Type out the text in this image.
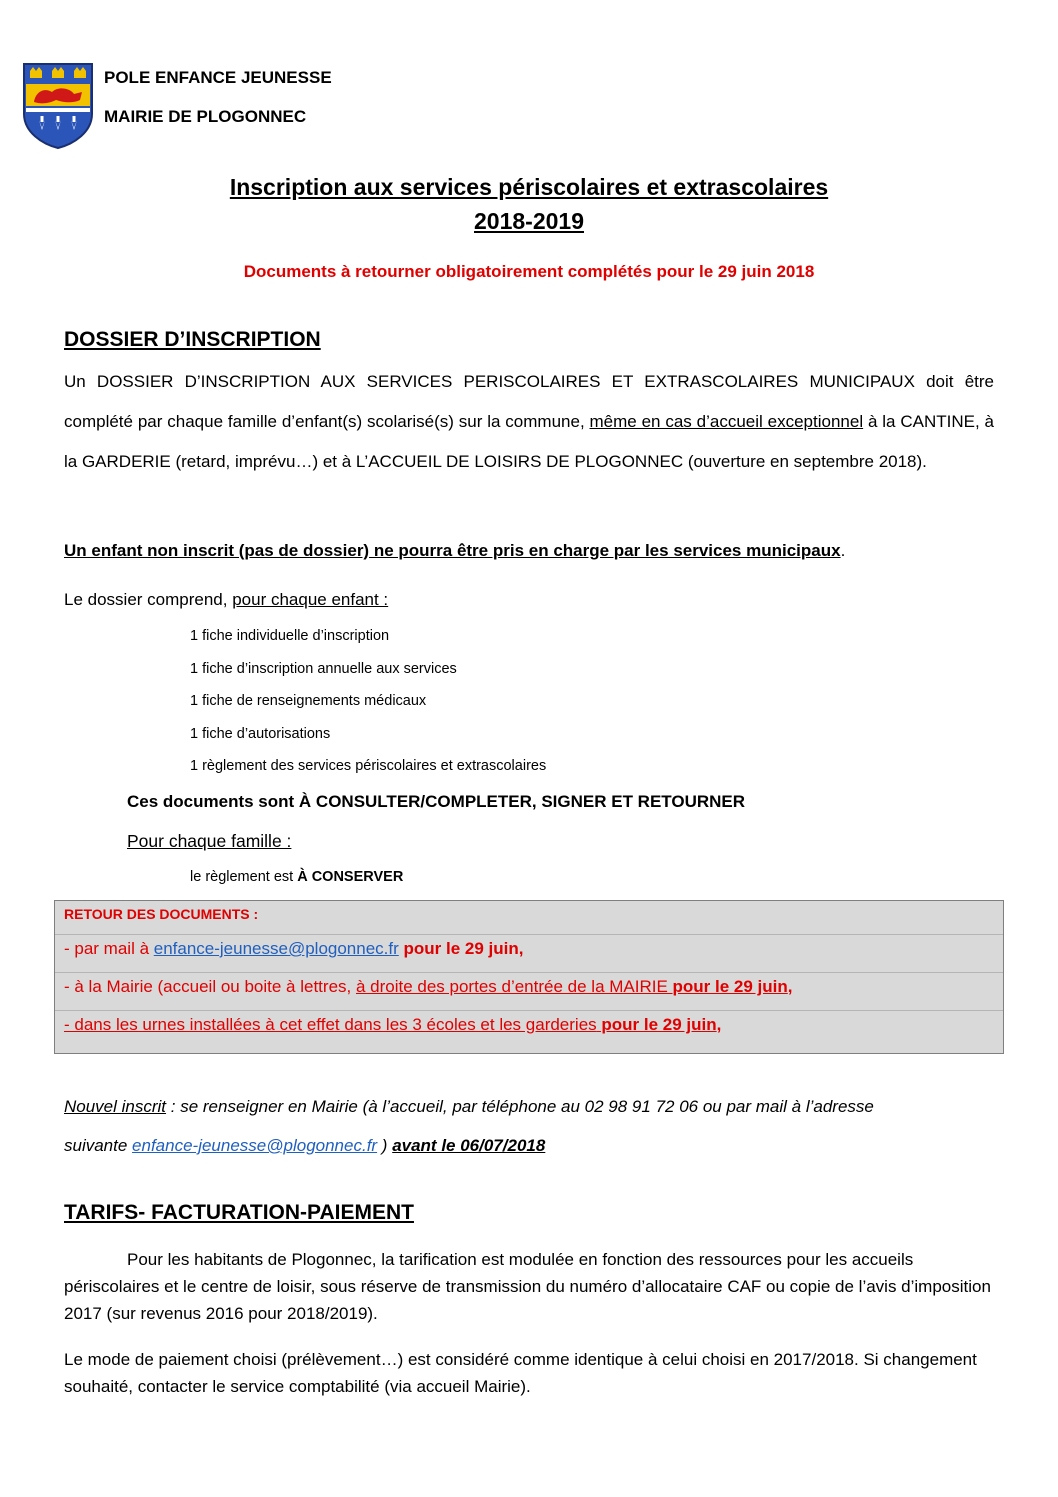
POLE ENFANCE JEUNESSE
MAIRIE DE PLOGONNEC
Inscription aux services périscolaires et extrascolaires
2018-2019
Documents à retourner obligatoirement complétés pour le 29 juin 2018
DOSSIER D’INSCRIPTION
Un DOSSIER D’INSCRIPTION AUX SERVICES PERISCOLAIRES ET EXTRASCOLAIRES MUNICIPAUX doit être complété par chaque famille d’enfant(s) scolarisé(s) sur la commune, même en cas d’accueil exceptionnel à la CANTINE, à la GARDERIE (retard, imprévu…) et à L’ACCUEIL DE LOISIRS DE PLOGONNEC (ouverture en septembre 2018).
Un enfant non inscrit (pas de dossier) ne pourra être pris en charge par les services municipaux.
Le dossier comprend, pour chaque enfant :
1 fiche individuelle d’inscription
1 fiche d’inscription annuelle aux services
1 fiche de renseignements médicaux
1 fiche d’autorisations
1 règlement des services périscolaires et extrascolaires
Ces documents sont À CONSULTER/COMPLETER, SIGNER ET RETOURNER
Pour chaque famille :
le règlement est À CONSERVER
RETOUR DES DOCUMENTS :
- par mail à enfance-jeunesse@plogonnec.fr pour le 29 juin,
- à la Mairie (accueil ou boite à lettres, à droite des portes d’entrée de la MAIRIE pour le 29 juin,
- dans les urnes installées à cet effet dans les 3 écoles et les garderies pour le 29 juin,
Nouvel inscrit : se renseigner en Mairie (à l’accueil, par téléphone au 02 98 91 72 06 ou par mail à l’adresse
suivante enfance-jeunesse@plogonnec.fr ) avant le 06/07/2018
TARIFS- FACTURATION-PAIEMENT
Pour les habitants de Plogonnec, la tarification est modulée en fonction des ressources pour les accueils périscolaires et le centre de loisir, sous réserve de transmission du numéro d’allocataire CAF ou copie de l’avis d’imposition 2017 (sur revenus 2016 pour 2018/2019).
Le mode de paiement choisi (prélèvement…) est considéré comme identique à celui choisi en 2017/2018. Si changement souhaité, contacter le service comptabilité (via accueil Mairie).
